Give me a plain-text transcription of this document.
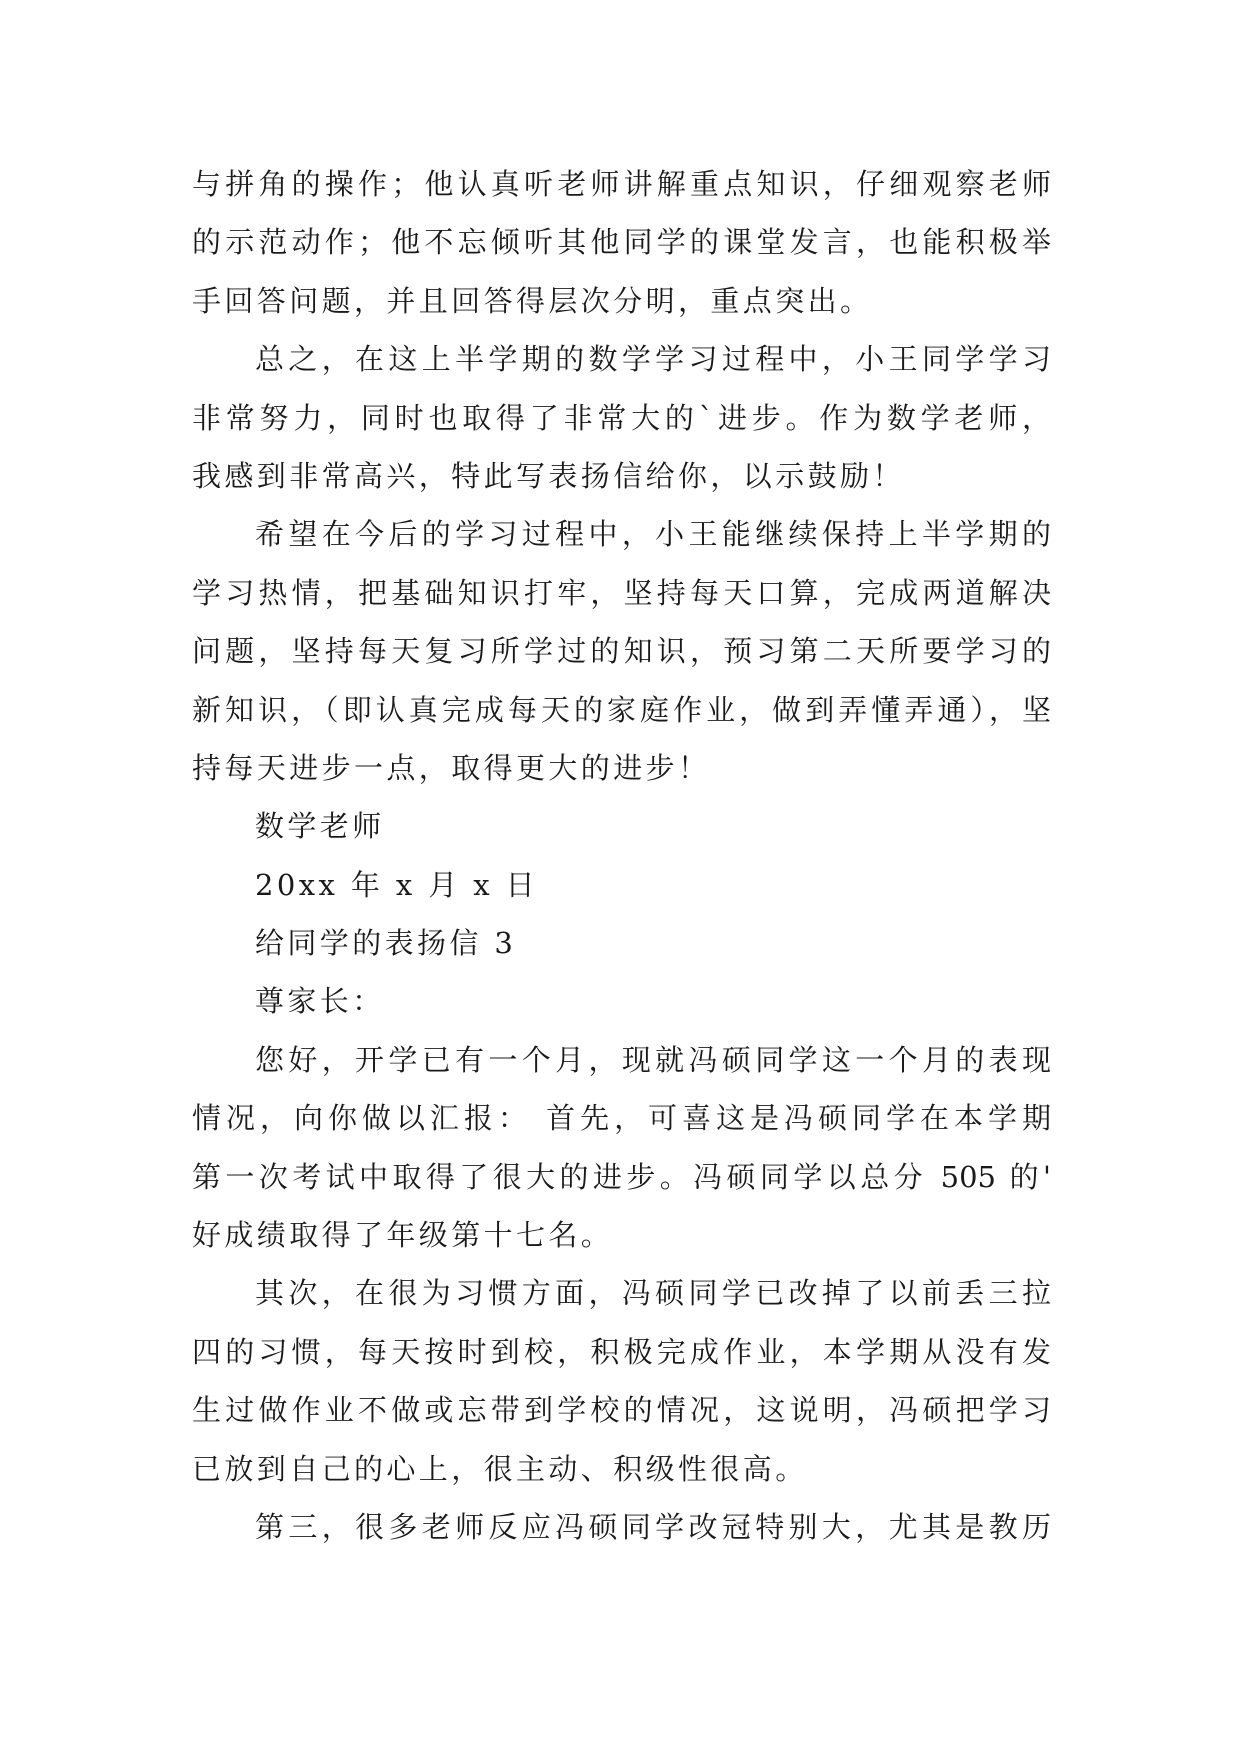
与拼角的操作；他认真听老师讲解重点知识，仔细观察老师
的示范动作；他不忘倾听其他同学的课堂发言，也能积极举
手回答问题，并且回答得层次分明，重点突出。
总之，在这上半学期的数学学习过程中，小王同学学习
非常努力，同时也取得了非常大的`进步。作为数学老师，
我感到非常高兴，特此写表扬信给你，以示鼓励！
希望在今后的学习过程中，小王能继续保持上半学期的
学习热情，把基础知识打牢，坚持每天口算，完成两道解决
问题，坚持每天复习所学过的知识，预习第二天所要学习的
新知识，（即认真完成每天的家庭作业，做到弄懂弄通），坚
持每天进步一点，取得更大的进步！
数学老师
20xx 年 x 月 x 日
给同学的表扬信 3
尊家长：
您好，开学已有一个月，现就冯硕同学这一个月的表现
情况，向你做以汇报： 首先，可喜这是冯硕同学在本学期
第一次考试中取得了很大的进步。冯硕同学以总分 505 的'
好成绩取得了年级第十七名。
其次，在很为习惯方面，冯硕同学已改掉了以前丢三拉
四的习惯，每天按时到校，积极完成作业，本学期从没有发
生过做作业不做或忘带到学校的情况，这说明，冯硕把学习
已放到自己的心上，很主动、积级性很高。
第三，很多老师反应冯硕同学改冠特别大，尤其是教历
